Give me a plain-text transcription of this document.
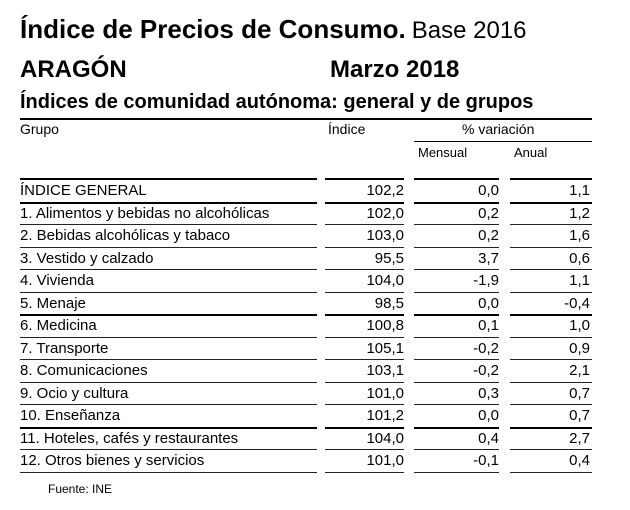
Índice de Precios de Consumo. Base 2016
ARAGÓN	Marzo 2018
Índices de comunidad autónoma: general y de grupos
Grupo	Índice	% variación
Mensual	Anual
ÍNDICE GENERAL	102,2	0,0	1,1
1. Alimentos y bebidas no alcohólicas	102,0	0,2	1,2
2. Bebidas alcohólicas y tabaco	103,0	0,2	1,6
3. Vestido y calzado	95,5	3,7	0,6
4. Vivienda	104,0	-1,9	1,1
5. Menaje	98,5	0,0	-0,4
6. Medicina	100,8	0,1	1,0
7. Transporte	105,1	-0,2	0,9
8. Comunicaciones	103,1	-0,2	2,1
9. Ocio y cultura	101,0	0,3	0,7
10. Enseñanza	101,2	0,0	0,7
11. Hoteles, cafés y restaurantes	104,0	0,4	2,7
12. Otros bienes y servicios	101,0	-0,1	0,4
Fuente: INE
